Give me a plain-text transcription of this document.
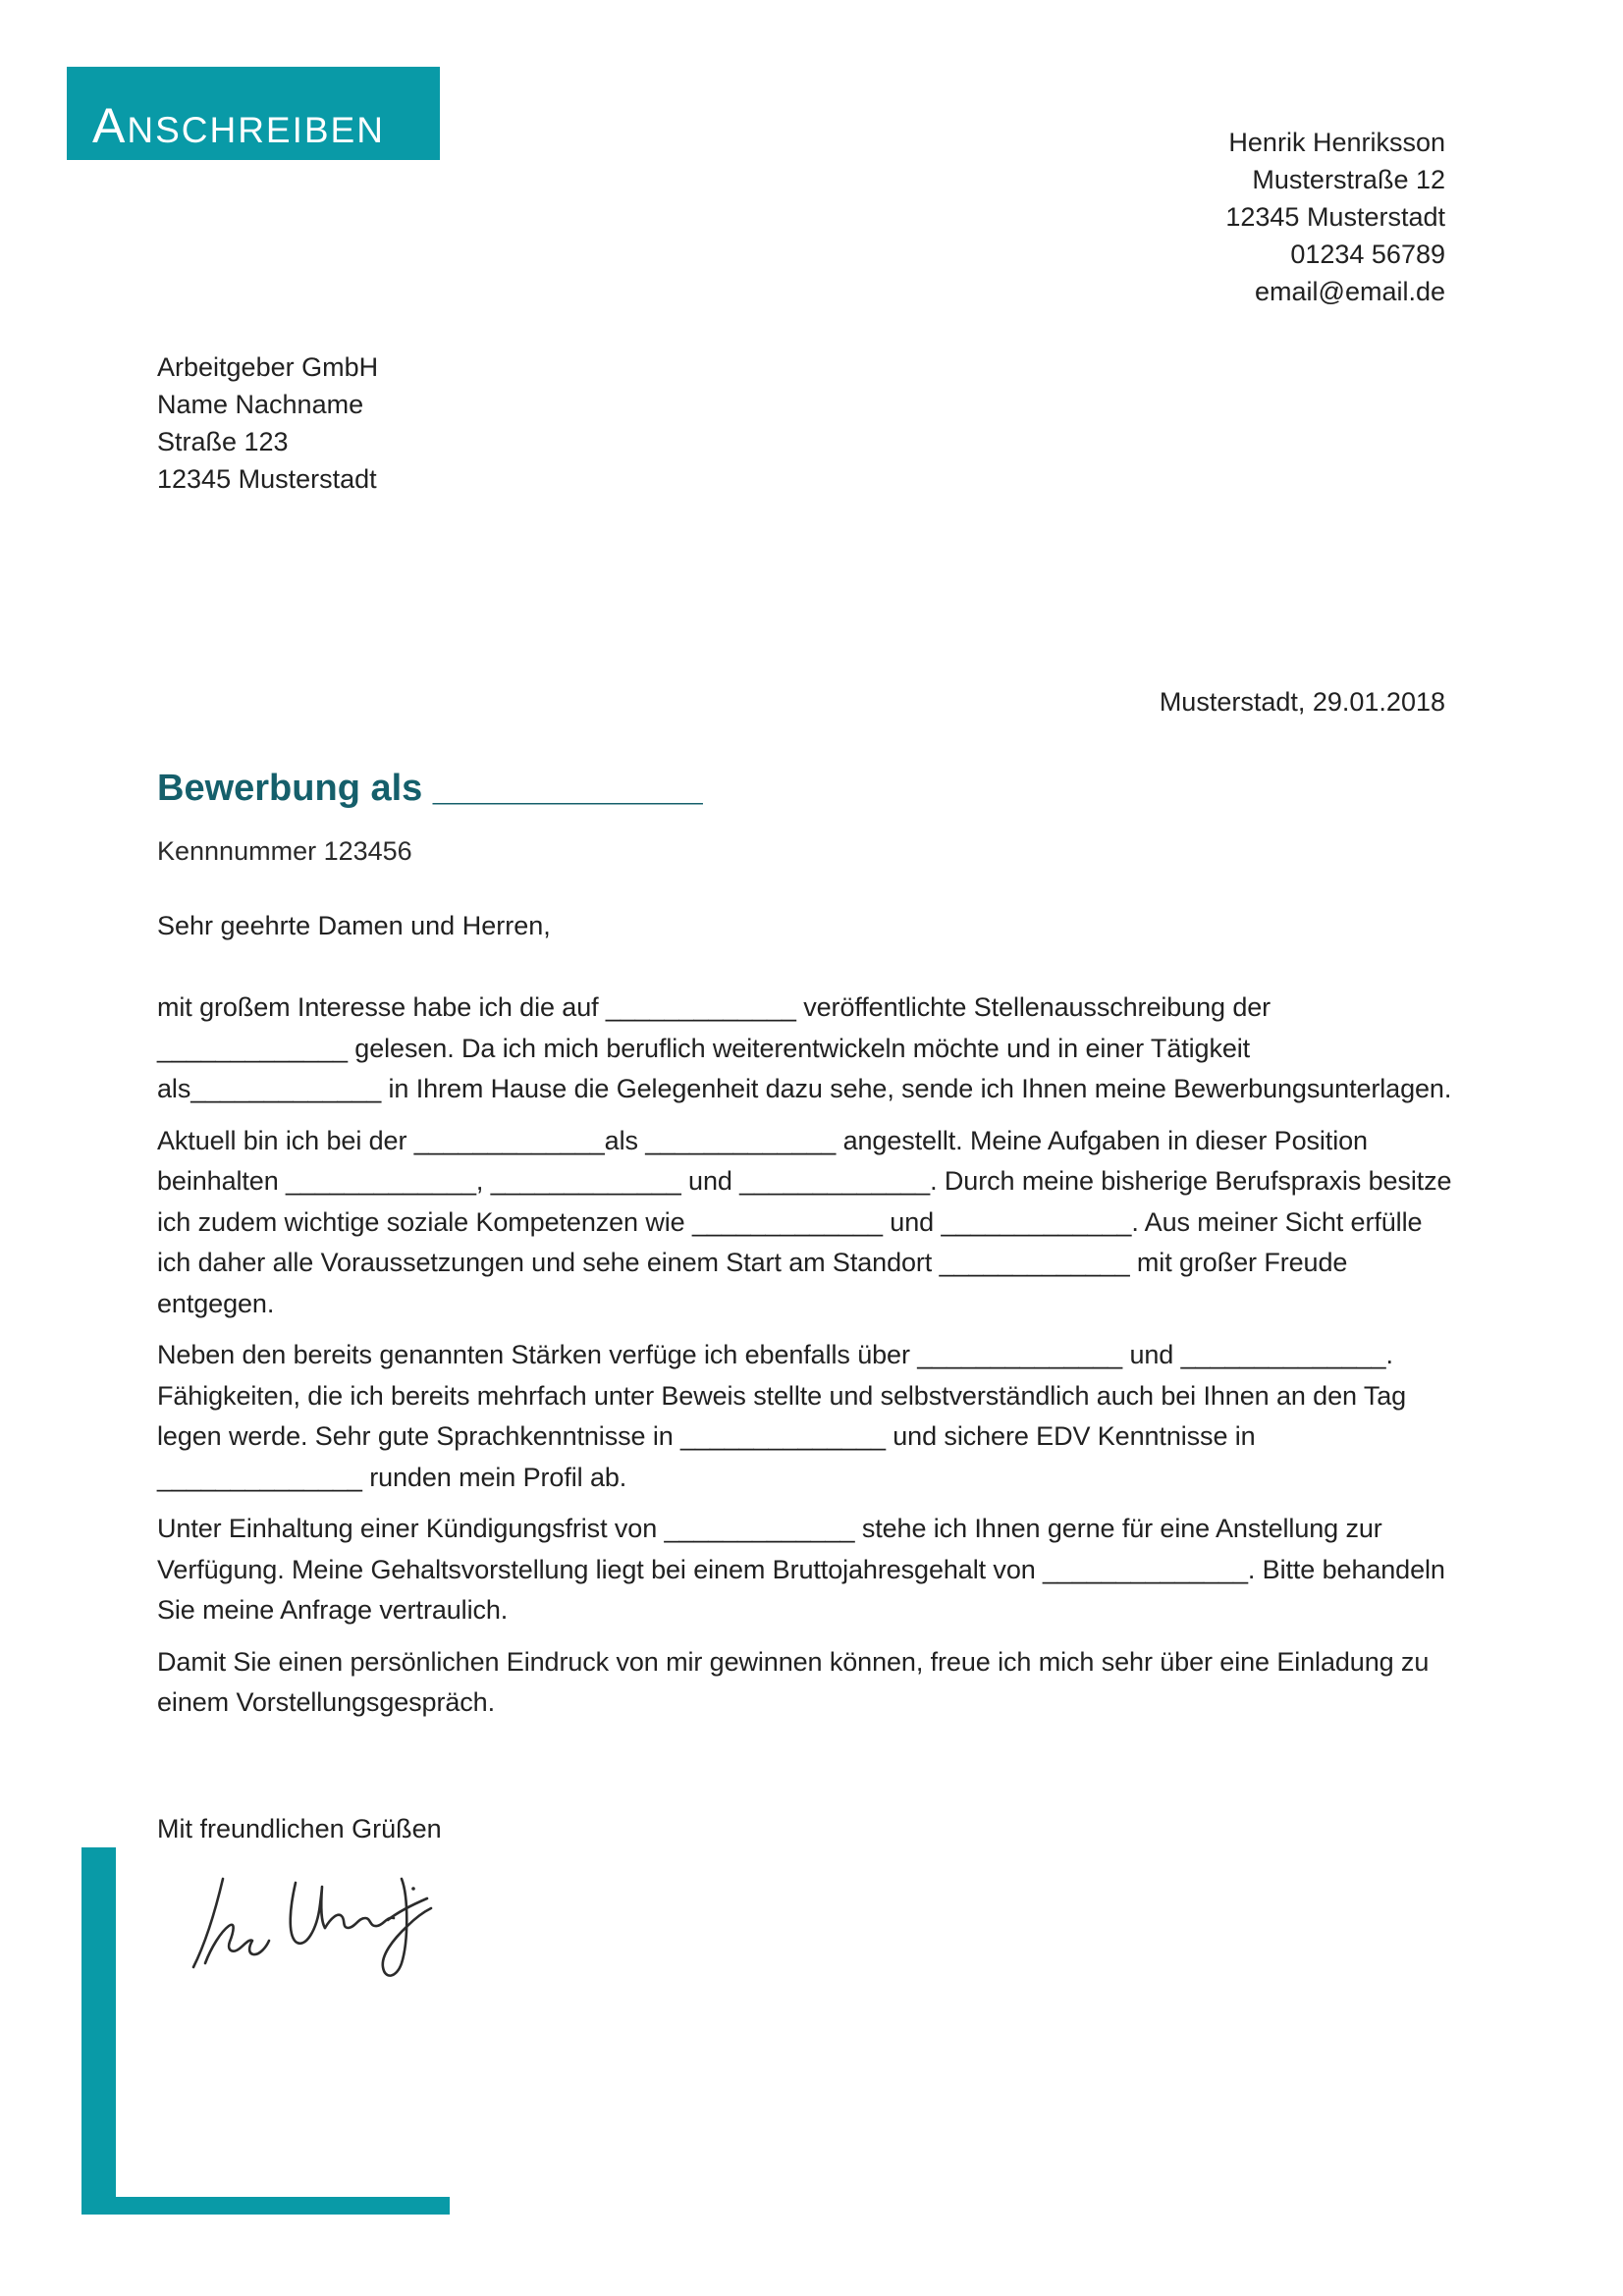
ANSCHREIBEN	Henrik Henriksson
Musterstraße 12
12345 Musterstadt
01234 56789
email@email.de
Arbeitgeber GmbH
Name Nachname
Straße 123
12345 Musterstadt
Musterstadt, 29.01.2018
Bewerbung als _____________
Kennnummer 123456
Sehr geehrte Damen und Herren,

mit großem Interesse habe ich die auf _____________ veröffentlichte Stellenausschreibung der _____________ gelesen. Da ich mich beruflich weiterentwickeln möchte und in einer Tätigkeit als_____________ in Ihrem Hause die Gelegenheit dazu sehe, sende ich Ihnen meine Bewerbungsunterlagen.

Aktuell bin ich bei der _____________als _____________ angestellt. Meine Aufgaben in dieser Position beinhalten _____________, _____________ und _____________. Durch meine bisherige Berufspraxis besitze ich zudem wichtige soziale Kompetenzen wie _____________ und _____________. Aus meiner Sicht erfülle ich daher alle Voraussetzungen und sehe einem Start am Standort _____________ mit großer Freude entgegen.

Neben den bereits genannten Stärken verfüge ich ebenfalls über ______________ und ______________. Fähigkeiten, die ich bereits mehrfach unter Beweis stellte und selbstverständlich auch bei Ihnen an den Tag legen werde. Sehr gute Sprachkenntnisse in ______________ und sichere EDV Kenntnisse in ______________ runden mein Profil ab.

Unter Einhaltung einer Kündigungsfrist von _____________ stehe ich Ihnen gerne für eine Anstellung zur Verfügung. Meine Gehaltsvorstellung liegt bei einem Bruttojahresgehalt von ______________. Bitte behandeln Sie meine Anfrage vertraulich.

Damit Sie einen persönlichen Eindruck von mir gewinnen können, freue ich mich sehr über eine Einladung zu einem Vorstellungsgespräch.

Mit freundlichen Grüßen
